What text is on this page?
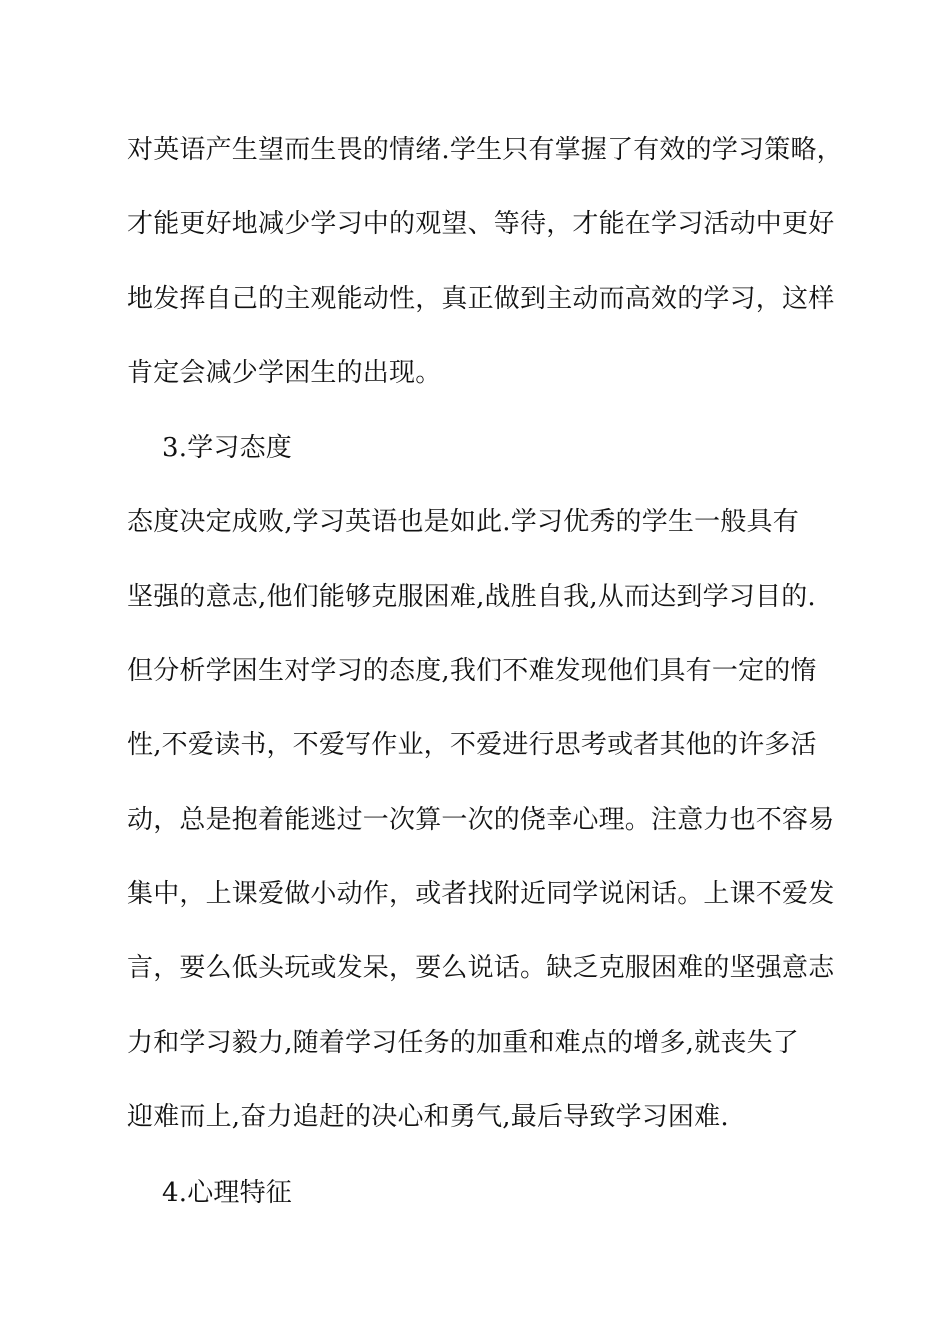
对英语产生望而生畏的情绪.学生只有掌握了有效的学习策略，
才能更好地减少学习中的观望、等待，才能在学习活动中更好
地发挥自己的主观能动性，真正做到主动而高效的学习，这样
肯定会减少学困生的出现。
3.学习态度
态度决定成败,学习英语也是如此.学习优秀的学生一般具有
坚强的意志,他们能够克服困难,战胜自我,从而达到学习目的.
但分析学困生对学习的态度,我们不难发现他们具有一定的惰
性,不爱读书，不爱写作业，不爱进行思考或者其他的许多活
动，总是抱着能逃过一次算一次的侥幸心理。注意力也不容易
集中，上课爱做小动作，或者找附近同学说闲话。上课不爱发
言，要么低头玩或发呆，要么说话。缺乏克服困难的坚强意志
力和学习毅力,随着学习任务的加重和难点的增多,就丧失了
迎难而上,奋力追赶的决心和勇气,最后导致学习困难.
4.心理特征
